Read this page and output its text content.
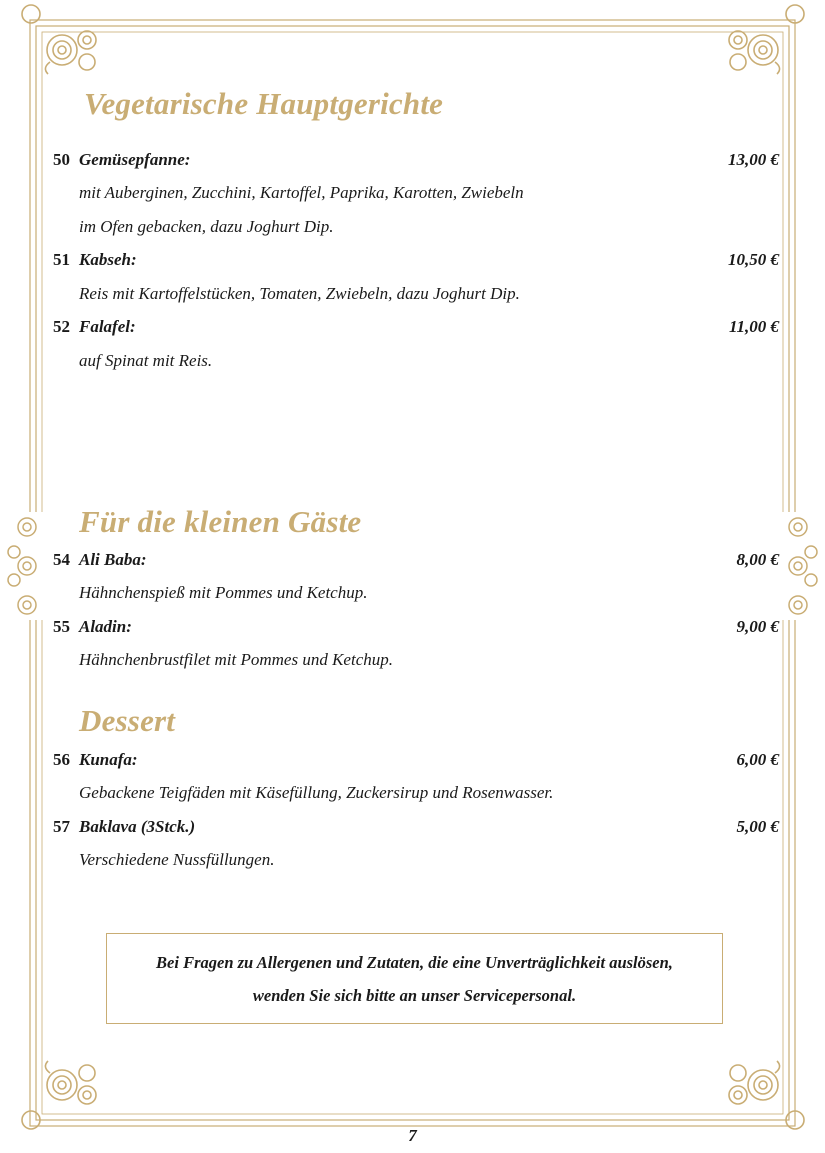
Vegetarische Hauptgerichte
50 Gemüsepfanne:	13,00 €
mit Auberginen, Zucchini, Kartoffel, Paprika, Karotten, Zwiebeln
im Ofen gebacken, dazu Joghurt Dip.
51 Kabseh:	10,50 €
Reis mit Kartoffelstücken, Tomaten, Zwiebeln, dazu Joghurt Dip.
52 Falafel:	11,00 €
auf Spinat mit Reis.
Für die kleinen Gäste
54 Ali Baba:	8,00 €
Hähnchenspieß mit Pommes und Ketchup.
55 Aladin:	9,00 €
Hähnchenbrustfilet mit Pommes und Ketchup.
Dessert
56 Kunafa:	6,00 €
Gebackene Teigfäden mit Käsefüllung, Zuckersirup und Rosenwasser.
57 Baklava (3Stck.)	5,00 €
Verschiedene Nussfüllungen.
Bei Fragen zu Allergenen und Zutaten, die eine Unverträglichkeit auslösen,
wenden Sie sich bitte an unser Servicepersonal.
7
